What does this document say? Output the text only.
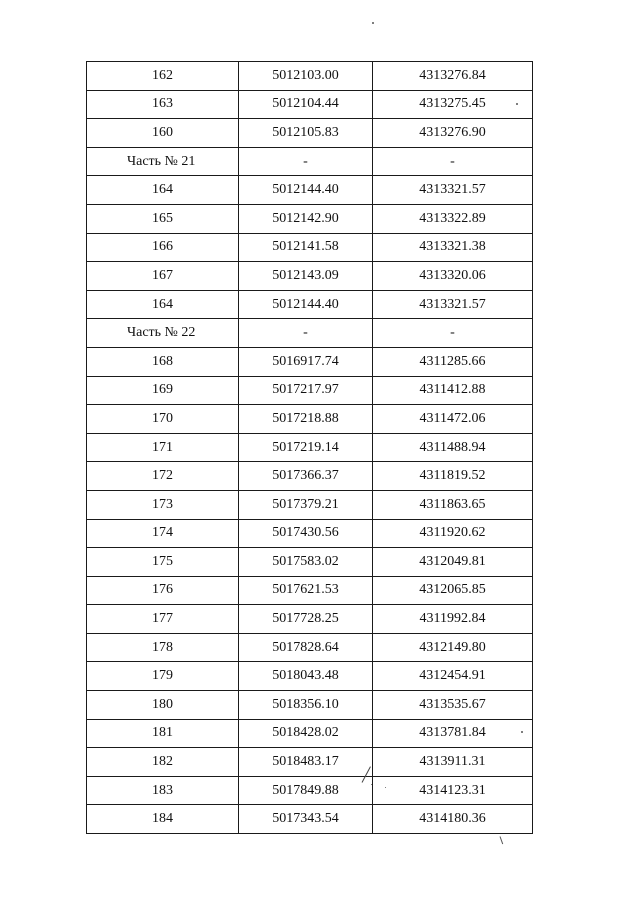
162	5012103.00	4313276.84
163	5012104.44	4313275.45
160	5012105.83	4313276.90
Часть № 21	-	-
164	5012144.40	4313321.57
165	5012142.90	4313322.89
166	5012141.58	4313321.38
167	5012143.09	4313320.06
164	5012144.40	4313321.57
Часть № 22	-	-
168	5016917.74	4311285.66
169	5017217.97	4311412.88
170	5017218.88	4311472.06
171	5017219.14	4311488.94
172	5017366.37	4311819.52
173	5017379.21	4311863.65
174	5017430.56	4311920.62
175	5017583.02	4312049.81
176	5017621.53	4312065.85
177	5017728.25	4311992.84
178	5017828.64	4312149.80
179	5018043.48	4312454.91
180	5018356.10	4313535.67
181	5018428.02	4313781.84
182	5018483.17	4313911.31
183	5017849.88	4314123.31
184	5017343.54	4314180.36
